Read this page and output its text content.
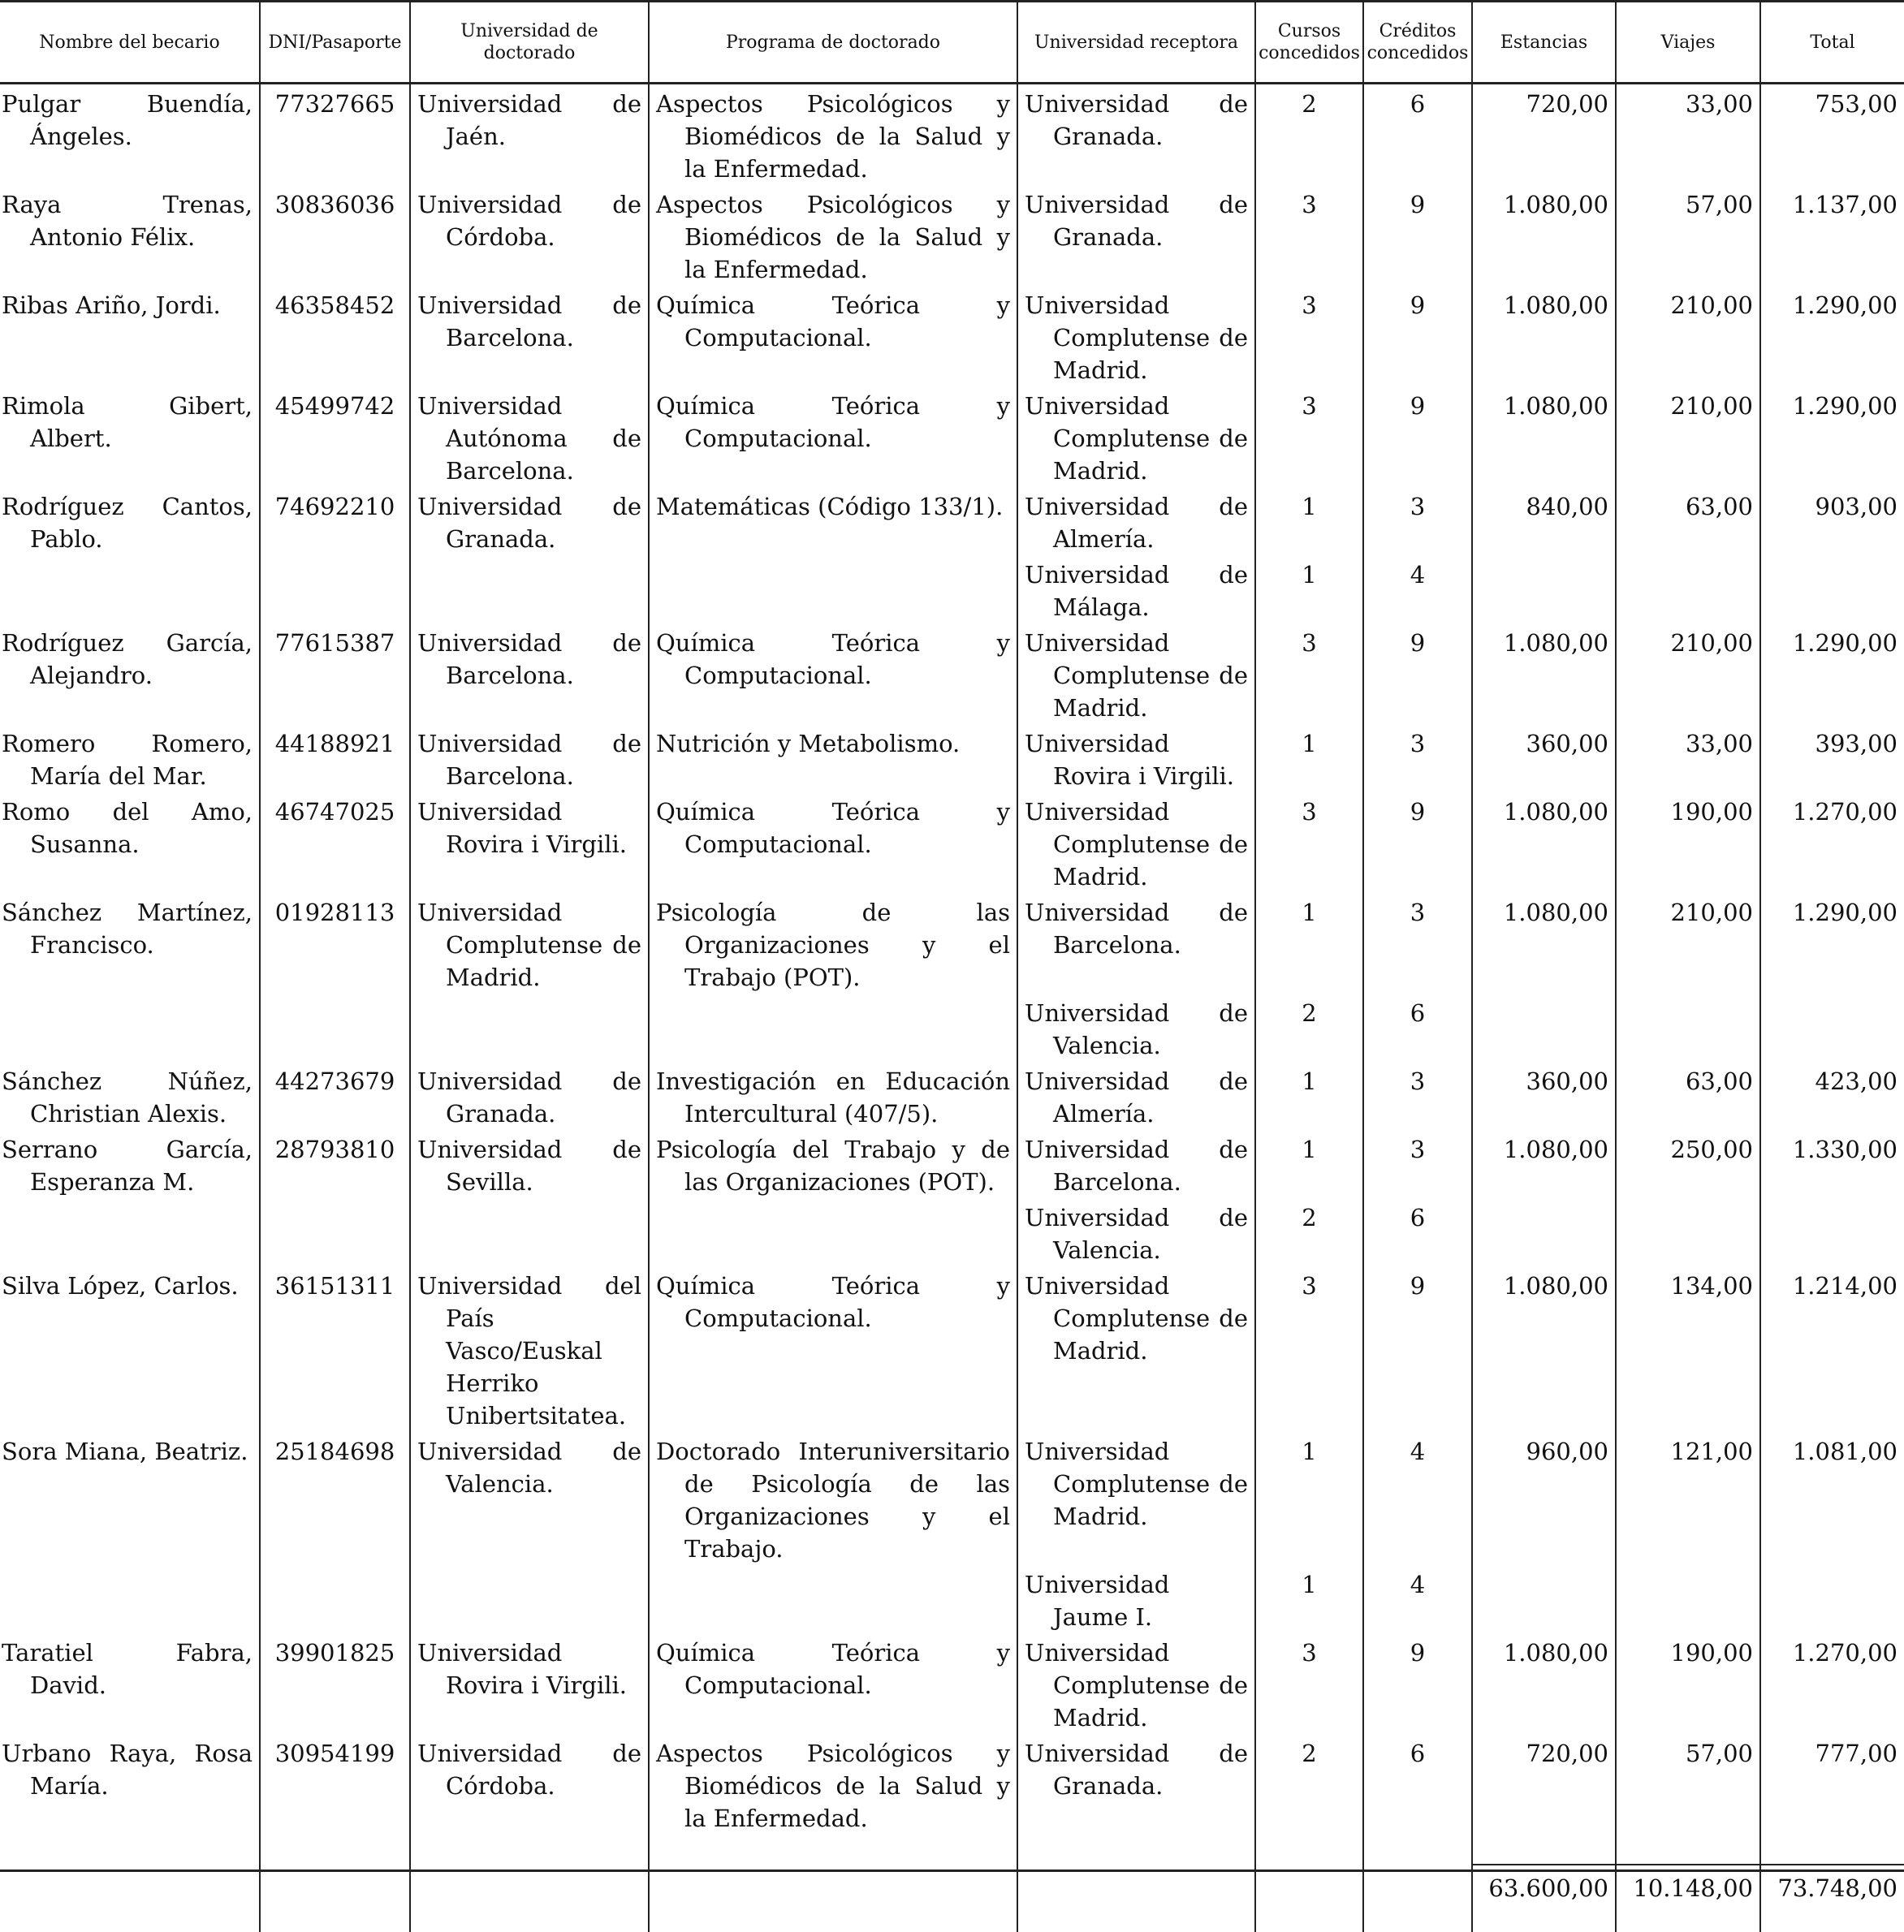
Nombre del becario	DNI/Pasaporte	Universidad de doctorado	Programa de doctorado	Universidad receptora	Cursos concedidos	Créditos concedidos	Estancias	Viajes	Total
Pulgar Buendía, Ángeles.	77327665	Universidad de Jaén.	Aspectos Psicológicos y Biomédicos de la Salud y la Enfermedad.	Universidad de Granada.	2	6	720,00	33,00	753,00
Raya Trenas, Antonio Félix.	30836036	Universidad de Córdoba.	Aspectos Psicológicos y Biomédicos de la Salud y la Enfermedad.	Universidad de Granada.	3	9	1.080,00	57,00	1.137,00
Ribas Ariño, Jordi.	46358452	Universidad de Barcelona.	Química Teórica y Computacional.	Universidad Complutense de Madrid.	3	9	1.080,00	210,00	1.290,00
Rimola Gibert, Albert.	45499742	Universidad Autónoma de Barcelona.	Química Teórica y Computacional.	Universidad Complutense de Madrid.	3	9	1.080,00	210,00	1.290,00
Rodríguez Cantos, Pablo.	74692210	Universidad de Granada.	Matemáticas (Código 133/1).	Universidad de Almería.	1	3	840,00	63,00	903,00
				Universidad de Málaga.	1	4			
Rodríguez García, Alejandro.	77615387	Universidad de Barcelona.	Química Teórica y Computacional.	Universidad Complutense de Madrid.	3	9	1.080,00	210,00	1.290,00
Romero Romero, María del Mar.	44188921	Universidad de Barcelona.	Nutrición y Metabolismo.	Universidad Rovira i Virgili.	1	3	360,00	33,00	393,00
Romo del Amo, Susanna.	46747025	Universidad Rovira i Virgili.	Química Teórica y Computacional.	Universidad Complutense de Madrid.	3	9	1.080,00	190,00	1.270,00
Sánchez Martínez, Francisco.	01928113	Universidad Complutense de Madrid.	Psicología de las Organizaciones y el Trabajo (POT).	Universidad de Barcelona.	1	3	1.080,00	210,00	1.290,00
				Universidad de Valencia.	2	6			
Sánchez Núñez, Christian Alexis.	44273679	Universidad de Granada.	Investigación en Educación Intercultural (407/5).	Universidad de Almería.	1	3	360,00	63,00	423,00
Serrano García, Esperanza M.	28793810	Universidad de Sevilla.	Psicología del Trabajo y de las Organizaciones (POT).	Universidad de Barcelona.	1	3	1.080,00	250,00	1.330,00
				Universidad de Valencia.	2	6			
Silva López, Carlos.	36151311	Universidad del País Vasco/Euskal Herriko Unibertsitatea.	Química Teórica y Computacional.	Universidad Complutense de Madrid.	3	9	1.080,00	134,00	1.214,00
Sora Miana, Beatriz.	25184698	Universidad de Valencia.	Doctorado Interuniversitario de Psicología de las Organizaciones y el Trabajo.	Universidad Complutense de Madrid.	1	4	960,00	121,00	1.081,00
				Universidad Jaume I.	1	4			
Taratiel Fabra, David.	39901825	Universidad Rovira i Virgili.	Química Teórica y Computacional.	Universidad Complutense de Madrid.	3	9	1.080,00	190,00	1.270,00
Urbano Raya, Rosa María.	30954199	Universidad de Córdoba.	Aspectos Psicológicos y Biomédicos de la Salud y la Enfermedad.	Universidad de Granada.	2	6	720,00	57,00	777,00

							63.600,00	10.148,00	73.748,00
